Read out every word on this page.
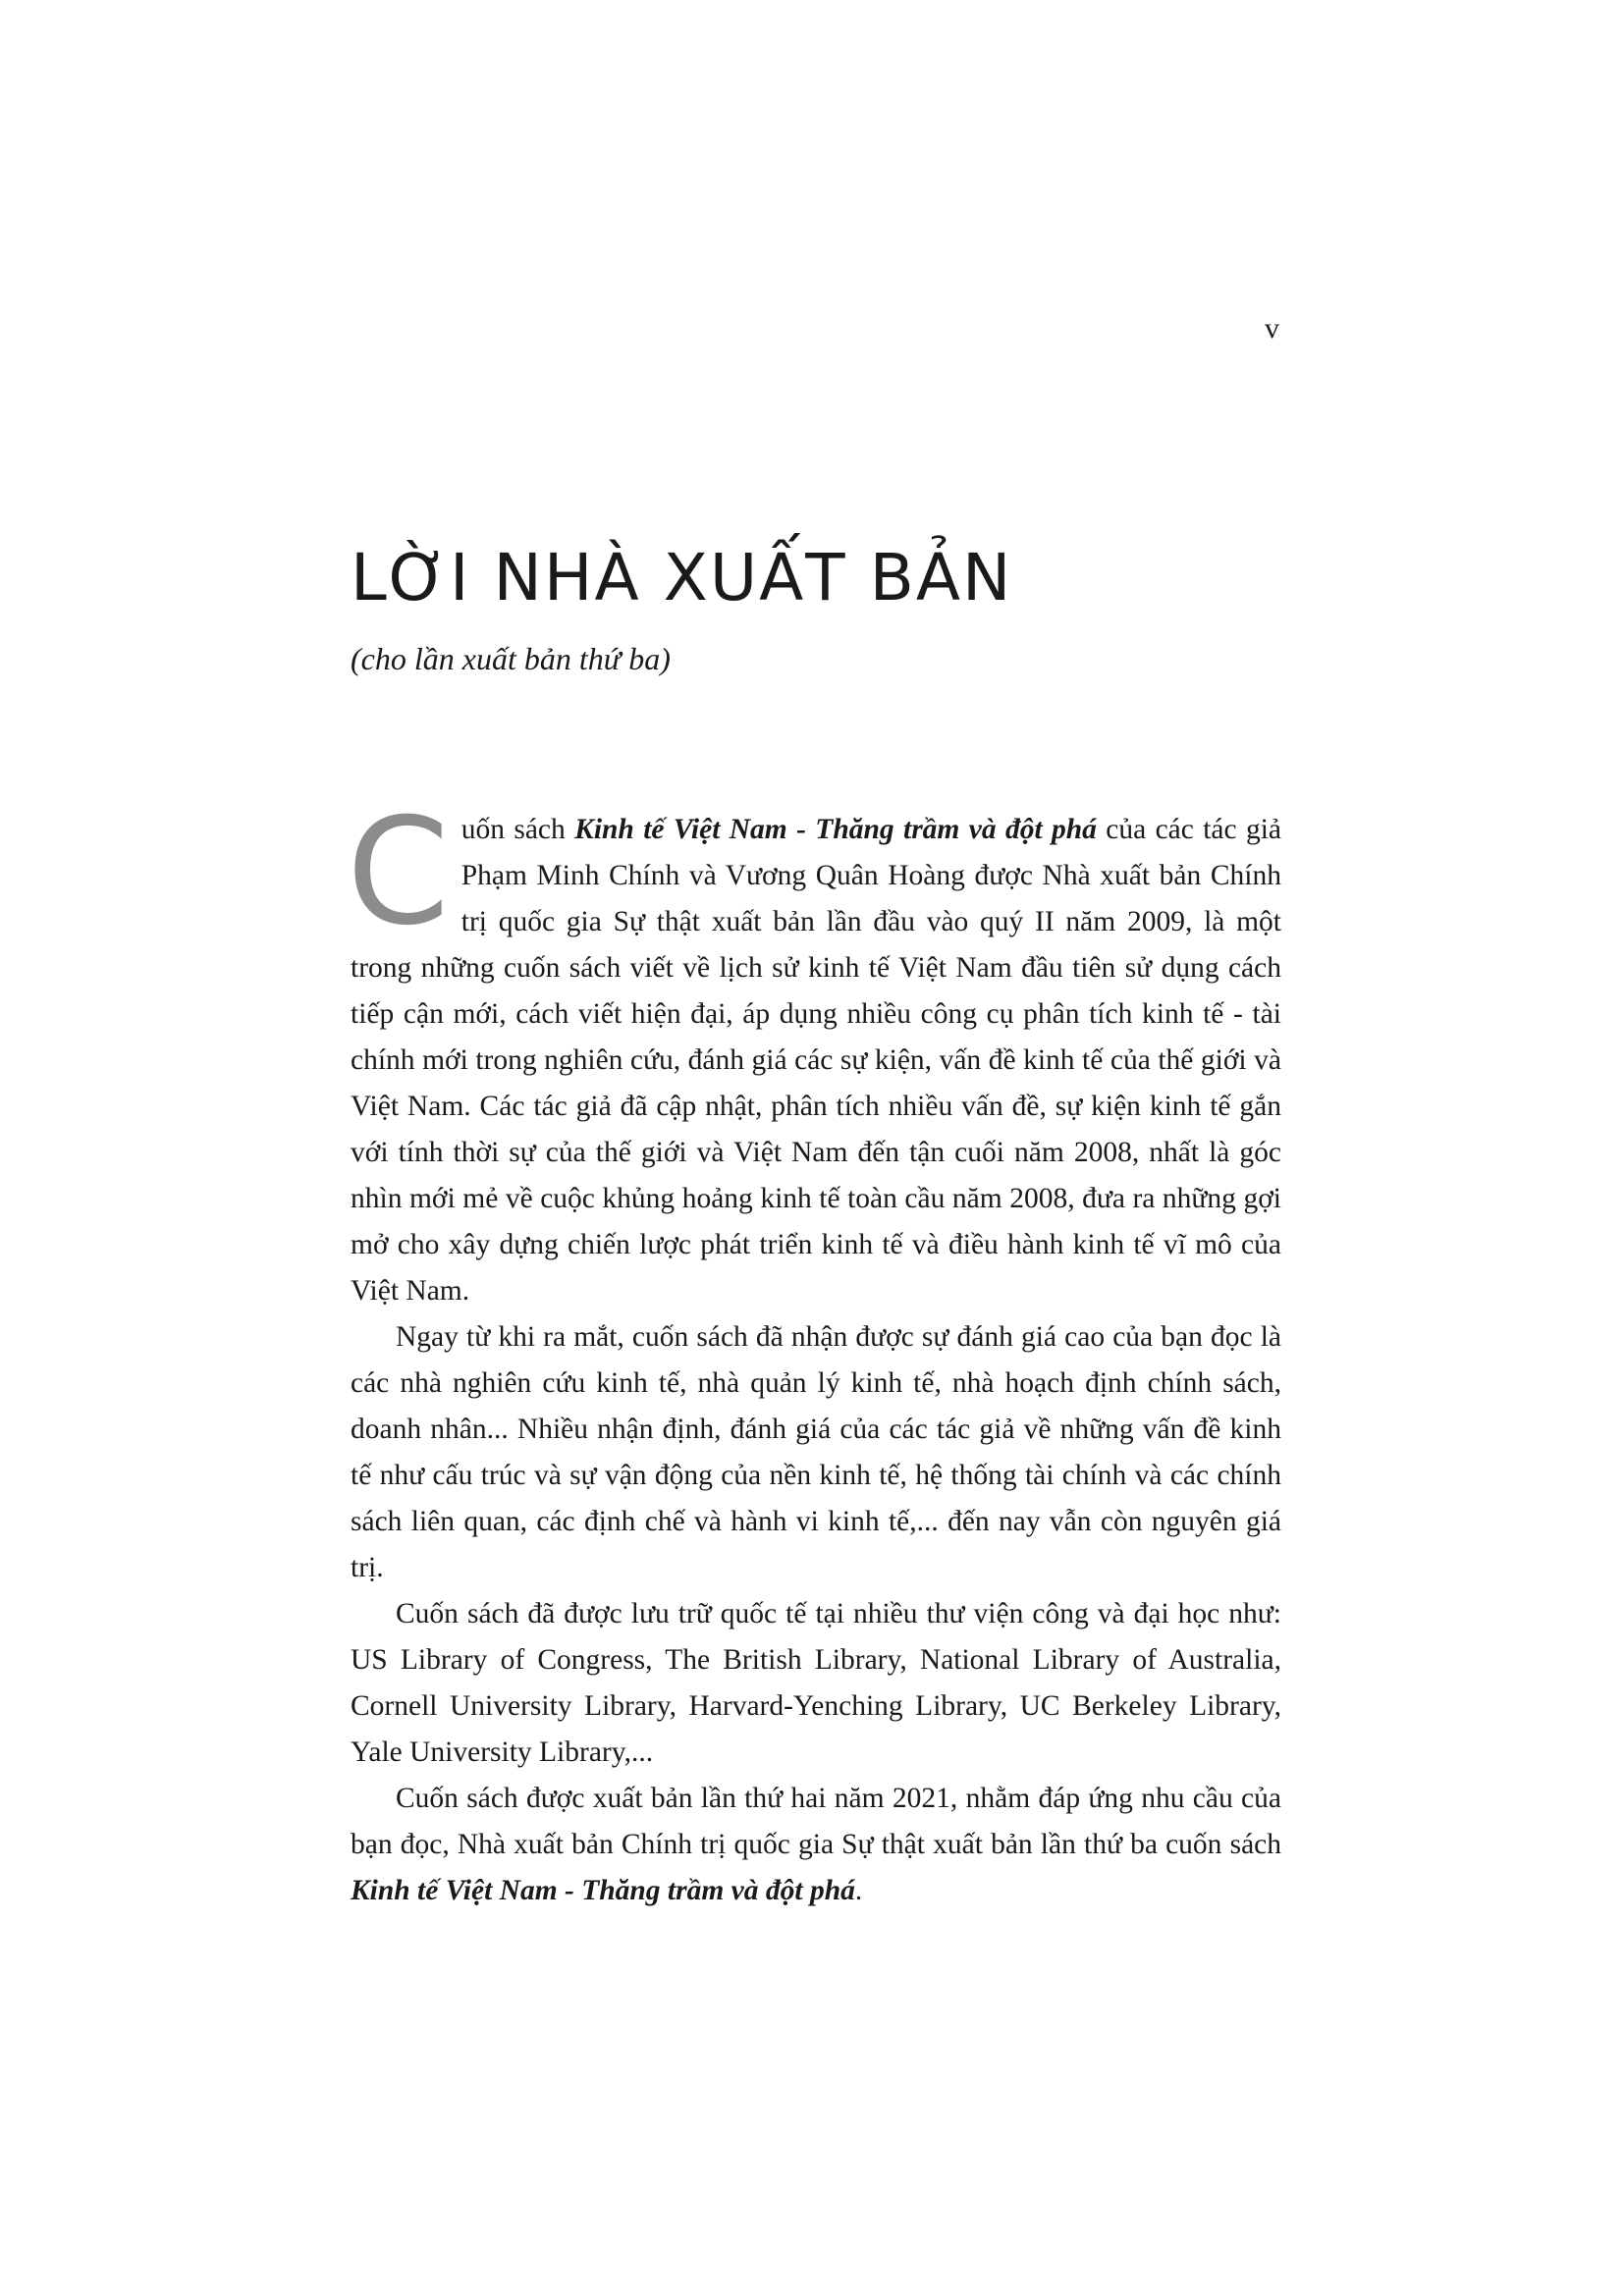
v
LỜI NHÀ XUẤT BẢN
(cho lần xuất bản thứ ba)

Cuốn sách Kinh tế Việt Nam - Thăng trầm và đột phá của các tác giả Phạm Minh Chính và Vương Quân Hoàng được Nhà xuất bản Chính trị quốc gia Sự thật xuất bản lần đầu vào quý II năm 2009, là một trong những cuốn sách viết về lịch sử kinh tế Việt Nam đầu tiên sử dụng cách tiếp cận mới, cách viết hiện đại, áp dụng nhiều công cụ phân tích kinh tế - tài chính mới trong nghiên cứu, đánh giá các sự kiện, vấn đề kinh tế của thế giới và Việt Nam. Các tác giả đã cập nhật, phân tích nhiều vấn đề, sự kiện kinh tế gắn với tính thời sự của thế giới và Việt Nam đến tận cuối năm 2008, nhất là góc nhìn mới mẻ về cuộc khủng hoảng kinh tế toàn cầu năm 2008, đưa ra những gợi mở cho xây dựng chiến lược phát triển kinh tế và điều hành kinh tế vĩ mô của Việt Nam.

Ngay từ khi ra mắt, cuốn sách đã nhận được sự đánh giá cao của bạn đọc là các nhà nghiên cứu kinh tế, nhà quản lý kinh tế, nhà hoạch định chính sách, doanh nhân... Nhiều nhận định, đánh giá của các tác giả về những vấn đề kinh tế như cấu trúc và sự vận động của nền kinh tế, hệ thống tài chính và các chính sách liên quan, các định chế và hành vi kinh tế,... đến nay vẫn còn nguyên giá trị.

Cuốn sách đã được lưu trữ quốc tế tại nhiều thư viện công và đại học như: US Library of Congress, The British Library, National Library of Australia, Cornell University Library, Harvard-Yenching Library, UC Berkeley Library, Yale University Library,...

Cuốn sách được xuất bản lần thứ hai năm 2021, nhằm đáp ứng nhu cầu của bạn đọc, Nhà xuất bản Chính trị quốc gia Sự thật xuất bản lần thứ ba cuốn sách Kinh tế Việt Nam - Thăng trầm và đột phá.
